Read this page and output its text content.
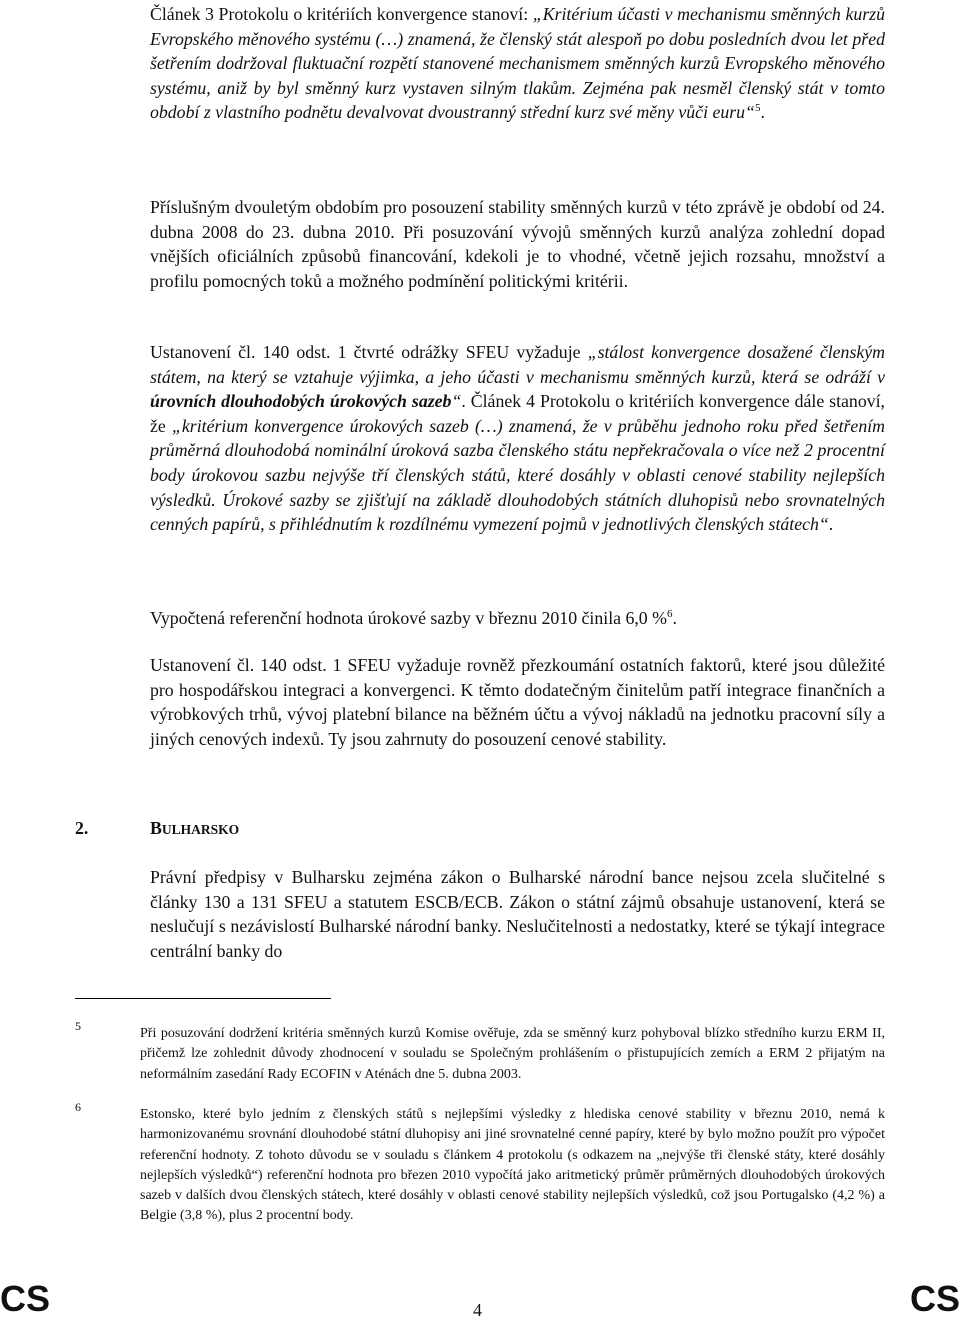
Článek 3 Protokolu o kritériích konvergence stanoví: „Kritérium účasti v mechanismu směnných kurzů Evropského měnového systému (…) znamená, že členský stát alespoň po dobu posledních dvou let před šetřením dodržoval fluktuační rozpětí stanovené mechanismem směnných kurzů Evropského měnového systému, aniž by byl směnný kurz vystaven silným tlakům. Zejména pak nesměl členský stát v tomto období z vlastního podnětu devalvovat dvoustranný střední kurz své měny vůči euru“$^5$.

Příslušným dvouletým obdobím pro posouzení stability směnných kurzů v této zprávě je období od 24. dubna 2008 do 23. dubna 2010. Při posuzování vývojů směnných kurzů analýza zohlední dopad vnějších oficiálních způsobů financování, kdekoli je to vhodné, včetně jejich rozsahu, množství a profilu pomocných toků a možného podmínění politickými kritérii.

Ustanovení čl. 140 odst. 1 čtvrté odrážky SFEU vyžaduje „stálost konvergence dosažené členským státem, na který se vztahuje výjimka, a jeho účasti v mechanismu směnných kurzů, která se odráží v úrovních dlouhodobých úrokových sazeb“. Článek 4 Protokolu o kritériích konvergence dále stanoví, že „kritérium konvergence úrokových sazeb (…) znamená, že v průběhu jednoho roku před šetřením průměrná dlouhodobá nominální úroková sazba členského státu nepřekračovala o více než 2 procentní body úrokovou sazbu nejvýše tří členských států, které dosáhly v oblasti cenové stability nejlepších výsledků. Úrokové sazby se zjišťují na základě dlouhodobých státních dluhopisů nebo srovnatelných cenných papírů, s přihlédnutím k rozdílnému vymezení pojmů v jednotlivých členských státech“.

Vypočtená referenční hodnota úrokové sazby v březnu 2010 činila 6,0 %$^6$.

Ustanovení čl. 140 odst. 1 SFEU vyžaduje rovněž přezkoumání ostatních faktorů, které jsou důležité pro hospodářskou integraci a konvergenci. K těmto dodatečným činitelům patří integrace finančních a výrobkových trhů, vývoj platební bilance na běžném účtu a vývoj nákladů na jednotku pracovní síly a jiných cenových indexů. Ty jsou zahrnuty do posouzení cenové stability.

2.	BULHARSKO

Právní předpisy v Bulharsku zejména zákon o Bulharské národní bance nejsou zcela slučitelné s články 130 a 131 SFEU a statutem ESCB/ECB. Zákon o státní zájmů obsahuje ustanovení, která se neslučují s nezávislostí Bulharské národní banky. Neslučitelnosti a nedostatky, které se týkají integrace centrální banky do

5	Při posuzování dodržení kritéria směnných kurzů Komise ověřuje, zda se směnný kurz pohyboval blízko středního kurzu ERM II, přičemž lze zohlednit důvody zhodnocení v souladu se Společným prohlášením o přistupujících zemích a ERM 2 přijatým na neformálním zasedání Rady ECOFIN v Aténách dne 5. dubna 2003.
6	Estonsko, které bylo jedním z členských států s nejlepšími výsledky z hlediska cenové stability v březnu 2010, nemá k harmonizovanému srovnání dlouhodobé státní dluhopisy ani jiné srovnatelné cenné papíry, které by bylo možno použít pro výpočet referenční hodnoty. Z tohoto důvodu se v souladu s článkem 4 protokolu (s odkazem na „nejvýše tři členské státy, které dosáhly nejlepších výsledků“) referenční hodnota pro březen 2010 vypočítá jako aritmetický průměr průměrných dlouhodobých úrokových sazeb v dalších dvou členských státech, které dosáhly v oblasti cenové stability nejlepších výsledků, což jsou Portugalsko (4,2 %) a Belgie (3,8 %), plus 2 procentní body.
CS	4	CS
